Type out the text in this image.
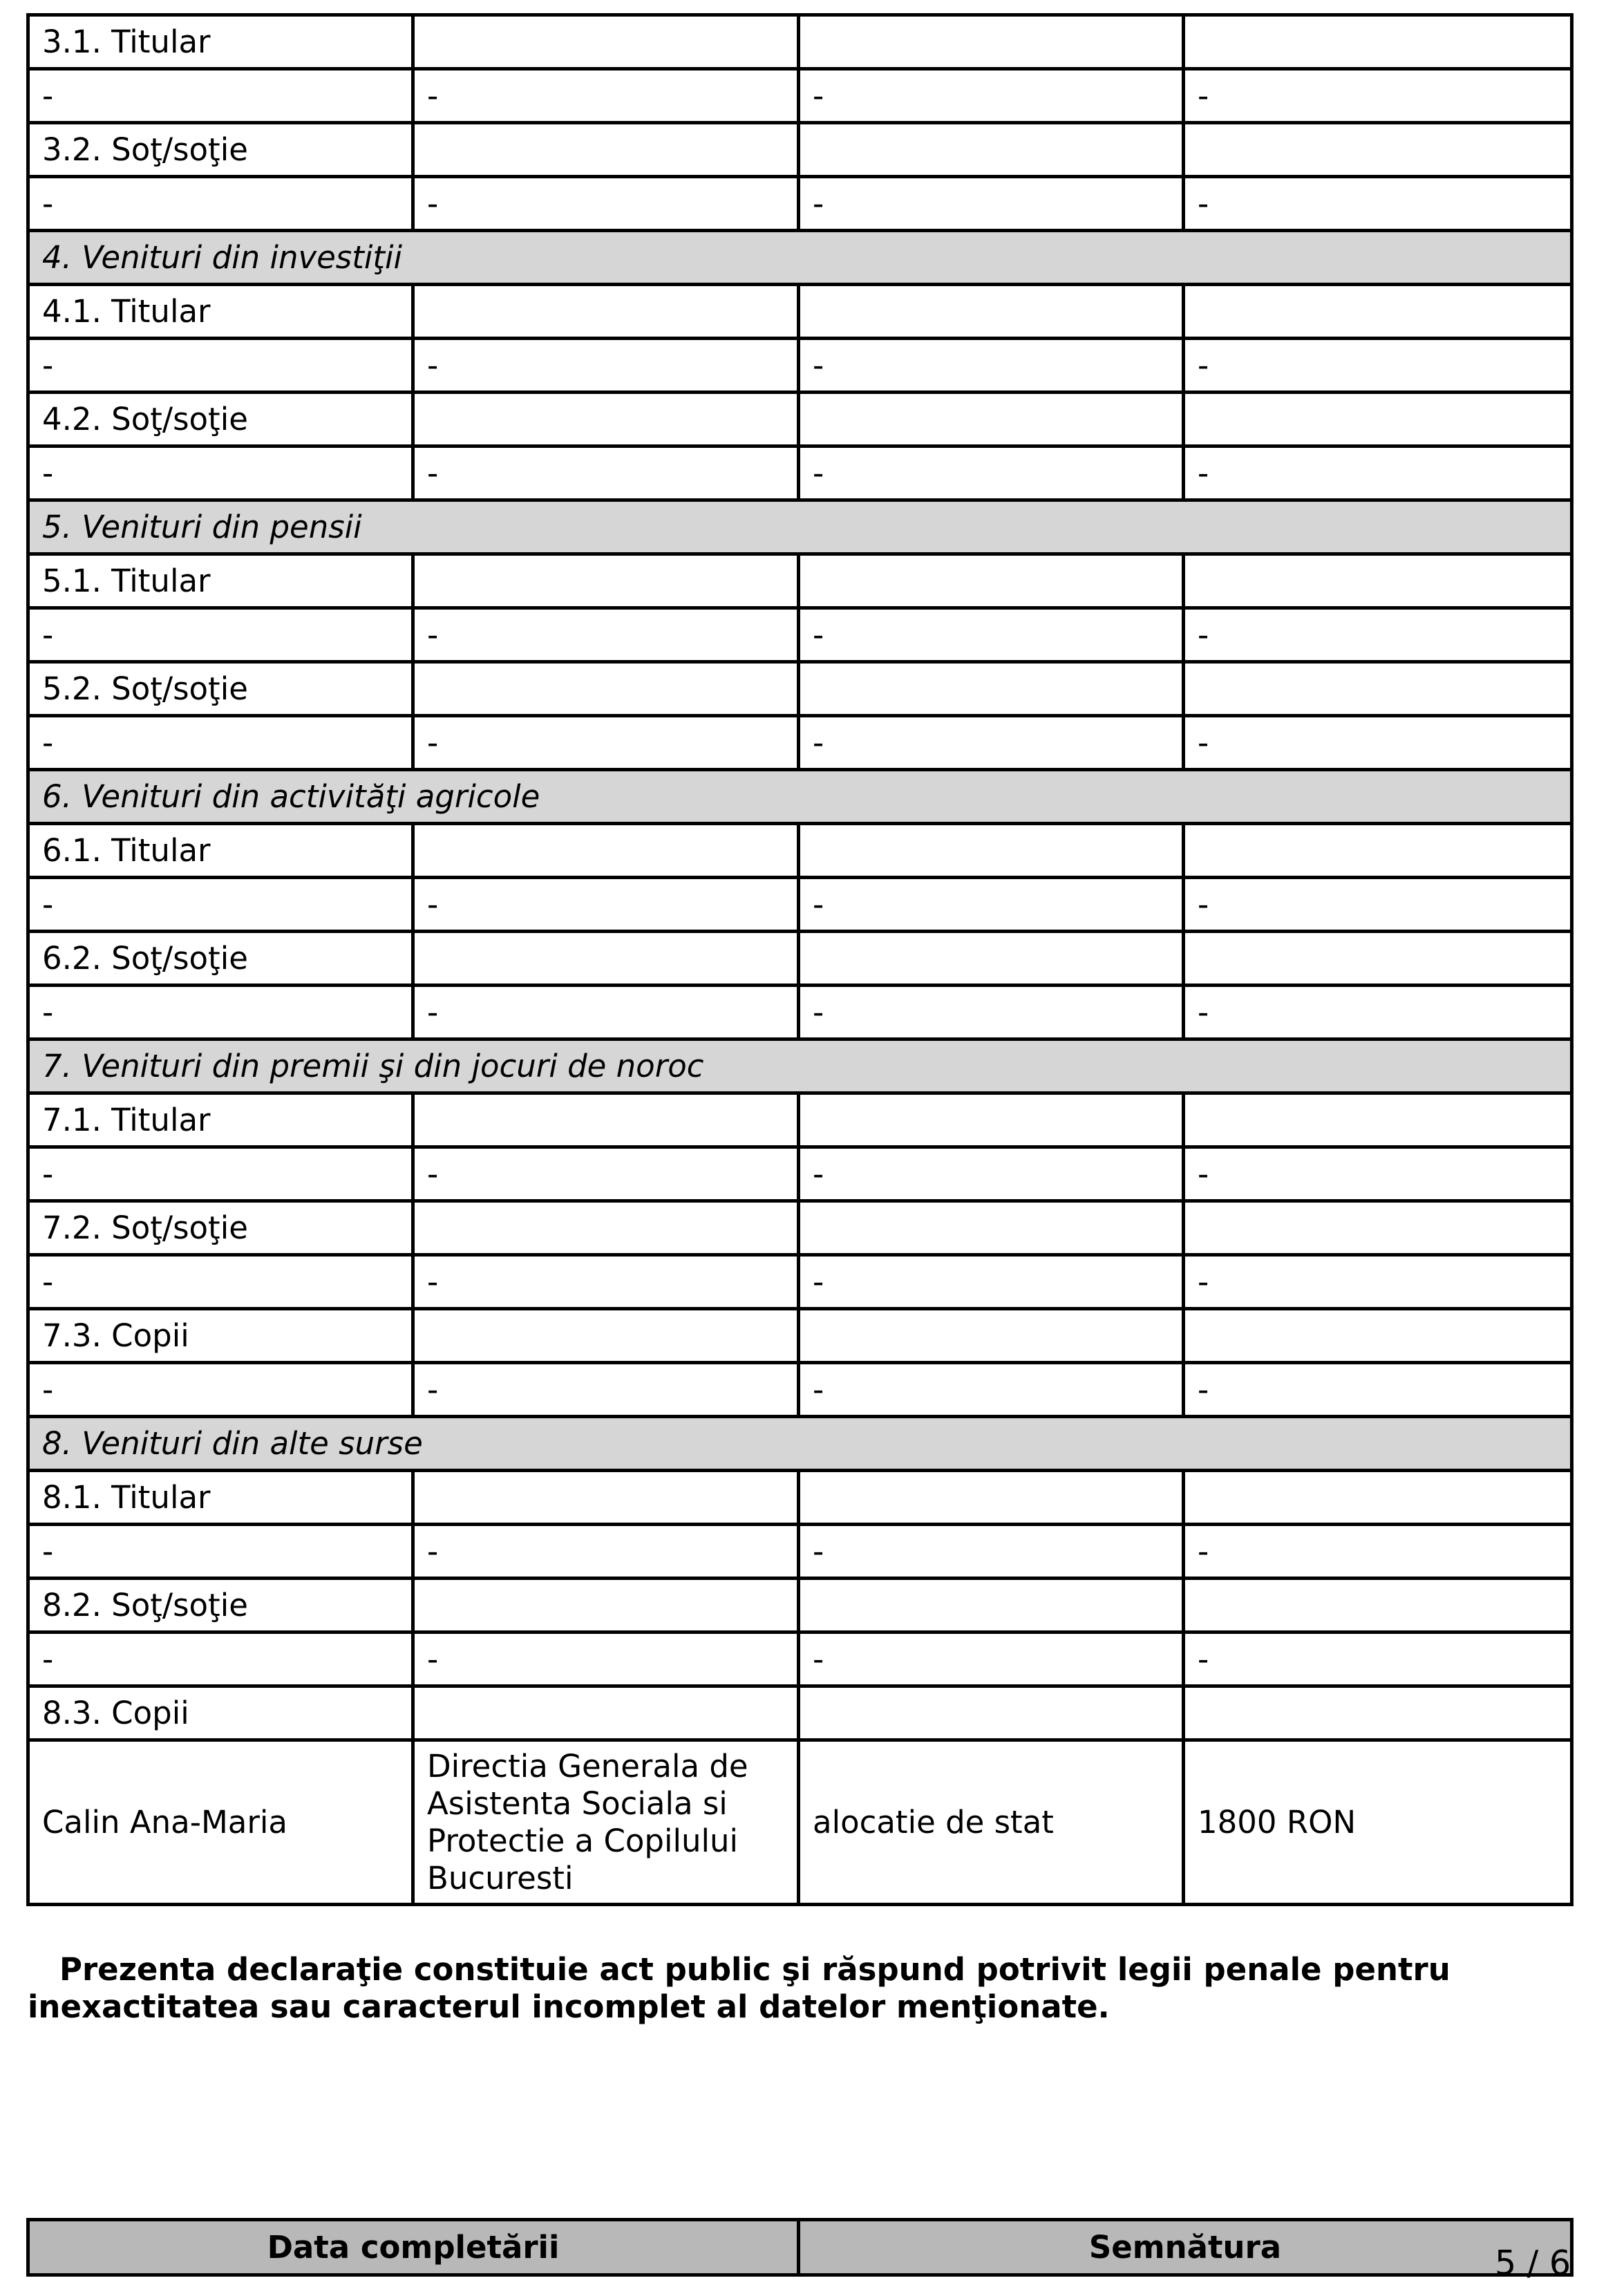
3.1. Titular			
-	-	-	-
3.2. Soţ/soţie			
-	-	-	-
4. Venituri din investiţii			
4.1. Titular			
-	-	-	-
4.2. Soţ/soţie			
-	-	-	-
5. Venituri din pensii			
5.1. Titular			
-	-	-	-
5.2. Soţ/soţie			
-	-	-	-
6. Venituri din activităţi agricole			
6.1. Titular			
-	-	-	-
6.2. Soţ/soţie			
-	-	-	-
7. Venituri din premii şi din jocuri de noroc			
7.1. Titular			
-	-	-	-
7.2. Soţ/soţie			
-	-	-	-
7.3. Copii			
-	-	-	-
8. Venituri din alte surse			
8.1. Titular			
-	-	-	-
8.2. Soţ/soţie			
-	-	-	-
8.3. Copii			
Calin Ana-Maria	Directia Generala de Asistenta Sociala si Protectie a Copilului Bucuresti	alocatie de stat	1800 RON
Prezenta declaraţie constituie act public şi răspund potrivit legii penale pentru inexactitatea sau caracterul incomplet al datelor menţionate.
Data completării	Semnătura	5 / 6
